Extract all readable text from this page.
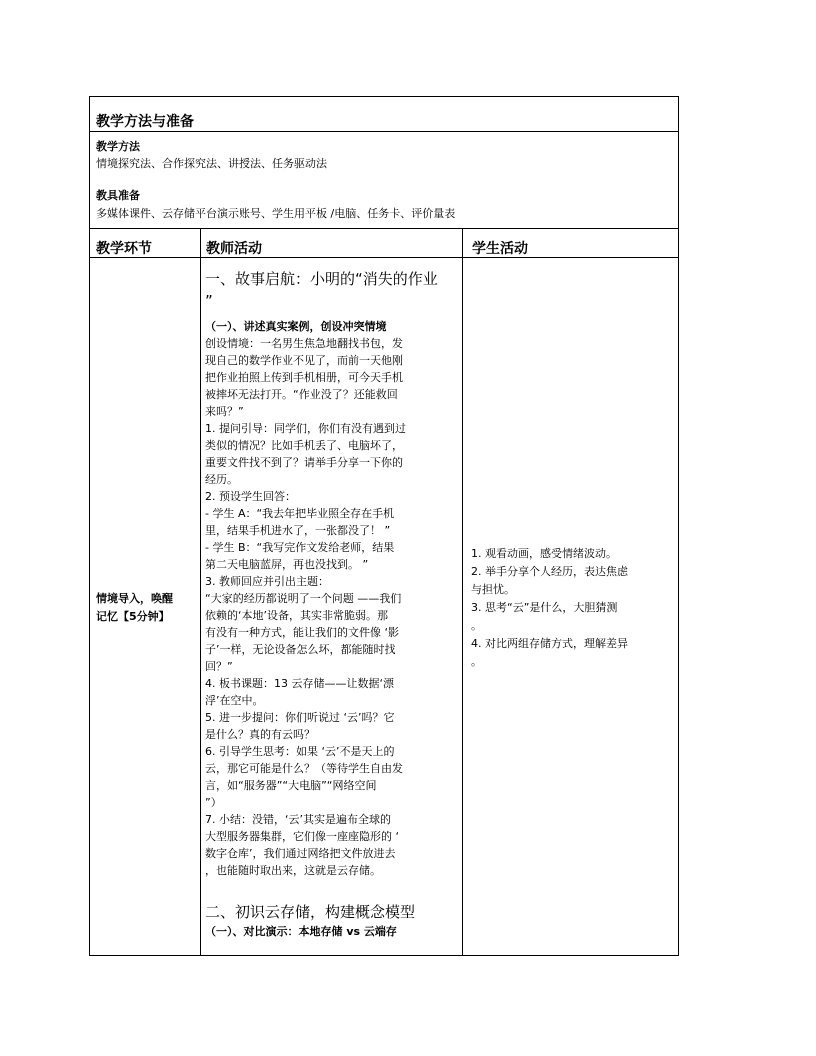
教学方法与准备
教学方法
情境探究法、合作探究法、讲授法、任务驱动法
教具准备
多媒体课件、云存储平台演示账号、学生用平板 /电脑、任务卡、评价量表
教学环节	教师活动	学生活动
情境导入，唤醒
记忆【5分钟】
一、故事启航：小明的“消失的作业
”
（一）、讲述真实案例，创设冲突情境
创设情境：一名男生焦急地翻找书包，发
现自己的数学作业不见了，而前一天他刚
把作业拍照上传到手机相册，可今天手机
被摔坏无法打开。“作业没了？还能救回
来吗？”
1. 提问引导：同学们，你们有没有遇到过
类似的情况？比如手机丢了、电脑坏了，
重要文件找不到了？请举手分享一下你的
经历。
2. 预设学生回答：
- 学生 A：“我去年把毕业照全存在手机
里，结果手机进水了，一张都没了！ ”
- 学生 B：“我写完作文发给老师，结果
第二天电脑蓝屏，再也没找到。 ”
3. 教师回应并引出主题：
“大家的经历都说明了一个问题 ——我们
依赖的‘本地’设备，其实非常脆弱。那
有没有一种方式，能让我们的文件像 ‘影
子’一样，无论设备怎么坏，都能随时找
回？”
4. 板书课题：13 云存储——让数据‘漂
浮’在空中。
5. 进一步提问：你们听说过 ‘云’吗？它
是什么？真的有云吗？
6. 引导学生思考：如果 ‘云’不是天上的
云，那它可能是什么？（等待学生自由发
言，如“服务器”“大电脑”“网络空间
”）
7. 小结：没错，‘云’其实是遍布全球的
大型服务器集群，它们像一座座隐形的 ‘
数字仓库’，我们通过网络把文件放进去
，也能随时取出来，这就是云存储。
二、初识云存储，构建概念模型
（一）、对比演示：本地存储 vs 云端存
1. 观看动画，感受情绪波动。
2. 举手分享个人经历，表达焦虑
与担忧。
3. 思考“云”是什么，大胆猜测
。
4. 对比两组存储方式，理解差异
。
